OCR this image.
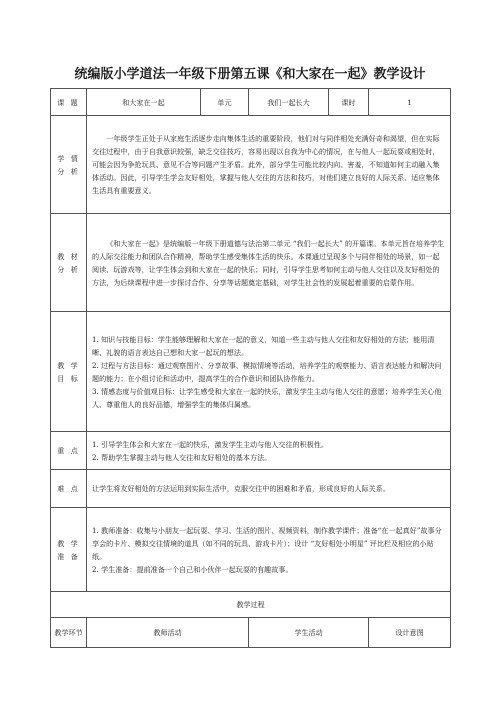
统编版小学道法一年级下册第五课《和大家在一起》教学设计
课 题	和大家在一起	单元	我们一起长大	课时	1

学 情
分 析	一年级学生正处于从家庭生活逐步走向集体生活的重要阶段，他们对与同伴相处充满好奇和渴望，但在实际交往过程中，由于自我意识较强，缺乏交往技巧，容易出现以自我为中心的情况，在与他人一起玩耍或相处时，可能会因为争抢玩具、意见不合等问题产生矛盾。此外，部分学生可能比较内向、害羞，不知道如何主动融入集体活动。因此，引导学生学会友好相处，掌握与他人交往的方法和技巧，对他们建立良好的人际关系、适应集体生活具有重要意义。				

教 材
分 析	《和大家在一起》是统编版一年级下册道德与法治第二单元 “我们一起长大” 的开篇课。本单元旨在培养学生的人际交往能力和团队合作精神，帮助学生感受集体生活的快乐。本课通过呈现多个与同伴相处的场景，如一起阅读、玩游戏等，让学生体会到和大家在一起的快乐；同时，引导学生思考如何主动与他人交往以及友好相处的方法，为后续课程中进一步探讨合作、分享等话题奠定基础，对学生社会性的发展起着重要的启蒙作用。				

教 学
目 标	1. 知识与技能目标：学生能够理解和大家在一起的意义，知道一些主动与他人交往和友好相处的方法；能用清晰、礼貌的语言表达自己想和大家一起玩的想法。
2. 过程与方法目标：通过观察图片、分享故事、模拟情境等活动，培养学生的观察能力、语言表达能力和解决问题的能力；在小组讨论和活动中，提高学生的合作意识和团队协作能力。
3. 情感态度与价值观目标：让学生感受和大家在一起的快乐，激发学生主动与他人交往的意愿；培养学生关心他人、尊重他人的良好品德，增强学生的集体归属感。				

重 点	1. 引导学生体会和大家在一起的快乐，激发学生主动与他人交往的积极性。
2. 帮助学生掌握主动与他人交往和友好相处的基本方法。				

难 点	让学生将友好相处的方法运用到实际生活中，克服交往中的困难和矛盾，形成良好的人际关系。				

教 学
准 备	1. 教师准备：收集与小朋友一起玩耍、学习、生活的图片、视频资料，制作教学课件；准备“在一起真好”故事分享会的卡片、模拟交往情境的道具（如不同的玩具、游戏卡片）；设计 “友好相处小明星” 评比栏及相应的小贴纸。
2. 学生准备：提前准备一个自己和小伙伴一起玩耍的有趣故事。				

教学过程					
教学环节	教师活动		学生活动		设计意图
